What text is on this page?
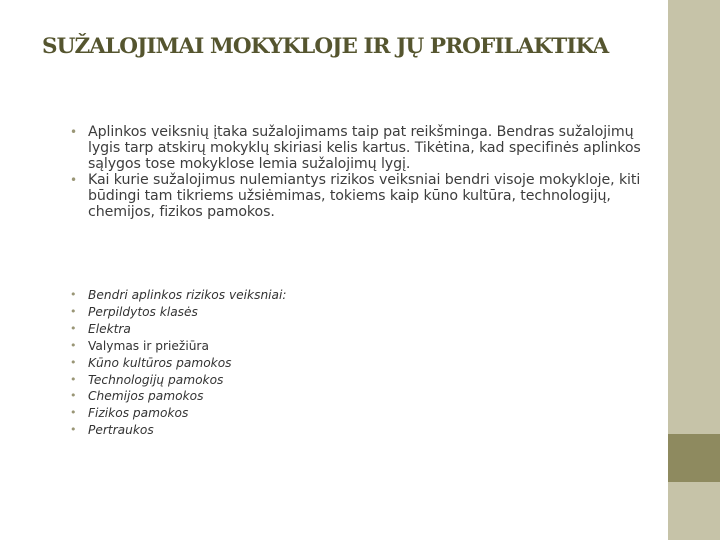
SUŽALOJIMAI MOKYKLOJE IR JŲ PROFILAKTIKA
• Aplinkos veiksnių įtaka sužalojimams taip pat reikšminga. Bendras sužalojimų lygis tarp atskirų mokyklų skiriasi kelis kartus. Tikėtina, kad specifinės aplinkos sąlygos tose mokyklose lemia sužalojimų lygį.
• Kai kurie sužalojimus nulemiantys rizikos veiksniai bendri visoje mokykloje, kiti būdingi tam tikriems užsiėmimas, tokiems kaip kūno kultūra, technologijų, chemijos, fizikos pamokos.
• Bendri aplinkos rizikos veiksniai:
• Perpildytos klasės
• Elektra
• Valymas ir priežiūra
• Kūno kultūros pamokos
• Technologijų pamokos
• Chemijos pamokos
• Fizikos pamokos
• Pertraukos
